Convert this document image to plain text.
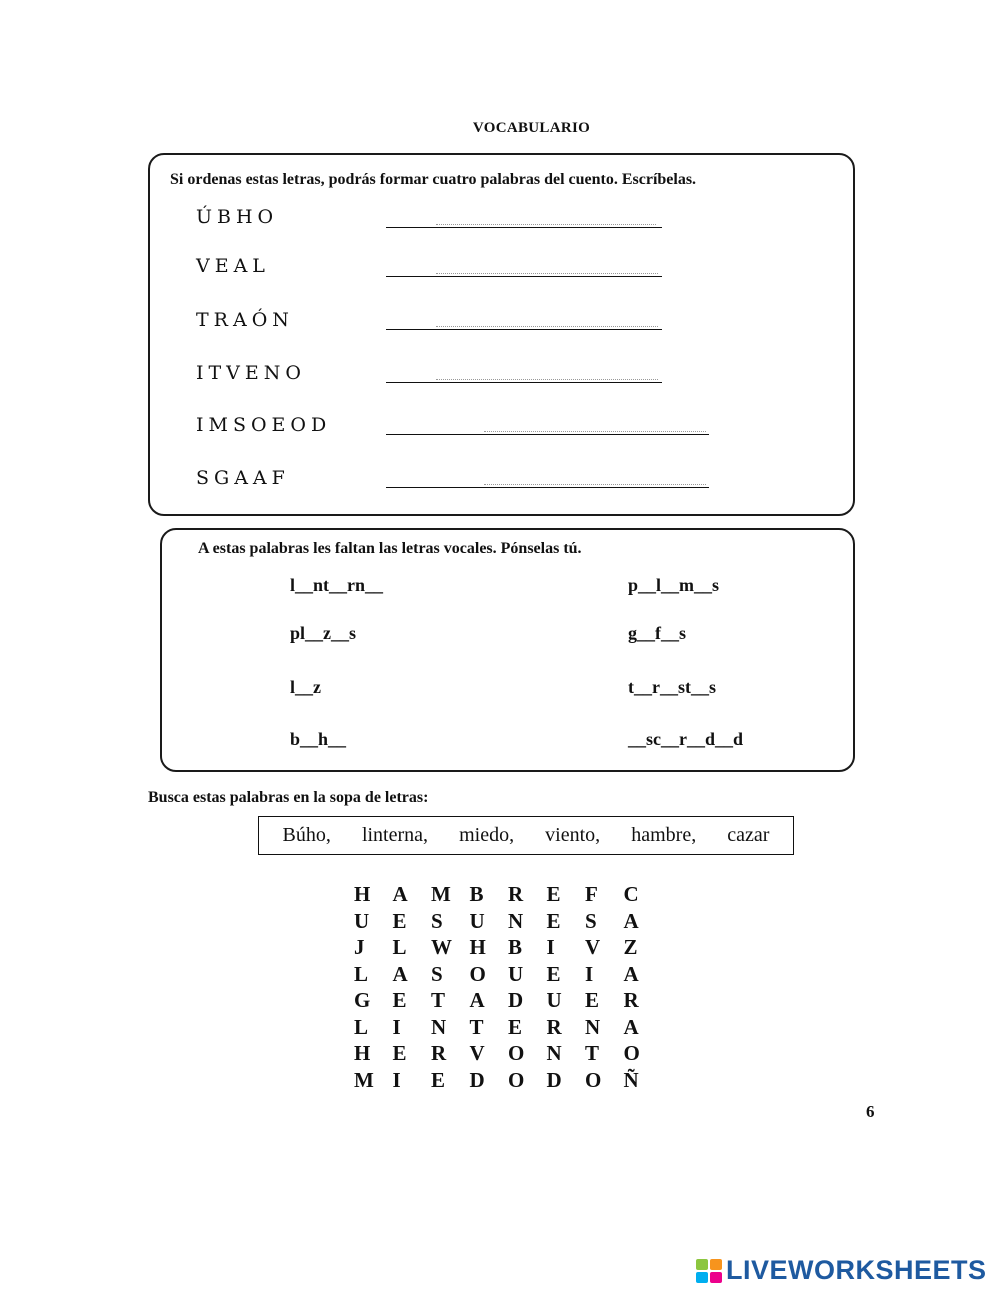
VOCABULARIO
Si ordenas estas letras, podrás formar cuatro palabras del cuento. Escríbelas.
ÚBHO
VEAL
TRAÓN
ITVENO
IMSOEOD
SGAAF
A estas palabras les faltan las letras vocales. Pónselas tú.
l__nt__rn__
pl__z__s
l__z
b__h__
p__l__m__s
g__f__s
t__r__st__s
__sc__r__d__d
Busca estas palabras en la sopa de letras:
Búho, linterna, miedo, viento, hambre, cazar
H	A	M B	R	E	F	C
U	E	S	U	N	E	S	A
J	L	W H	B	I	V	Z
L	A	S	O	U	E	I	A
G	E	T	A	D	U	E	R
L	I	N	T	E	R	N	A
H	E	R	V	O	N	T	O
M I	E	D	O	D	O	Ñ
6
LIVEWORKSHEETS
